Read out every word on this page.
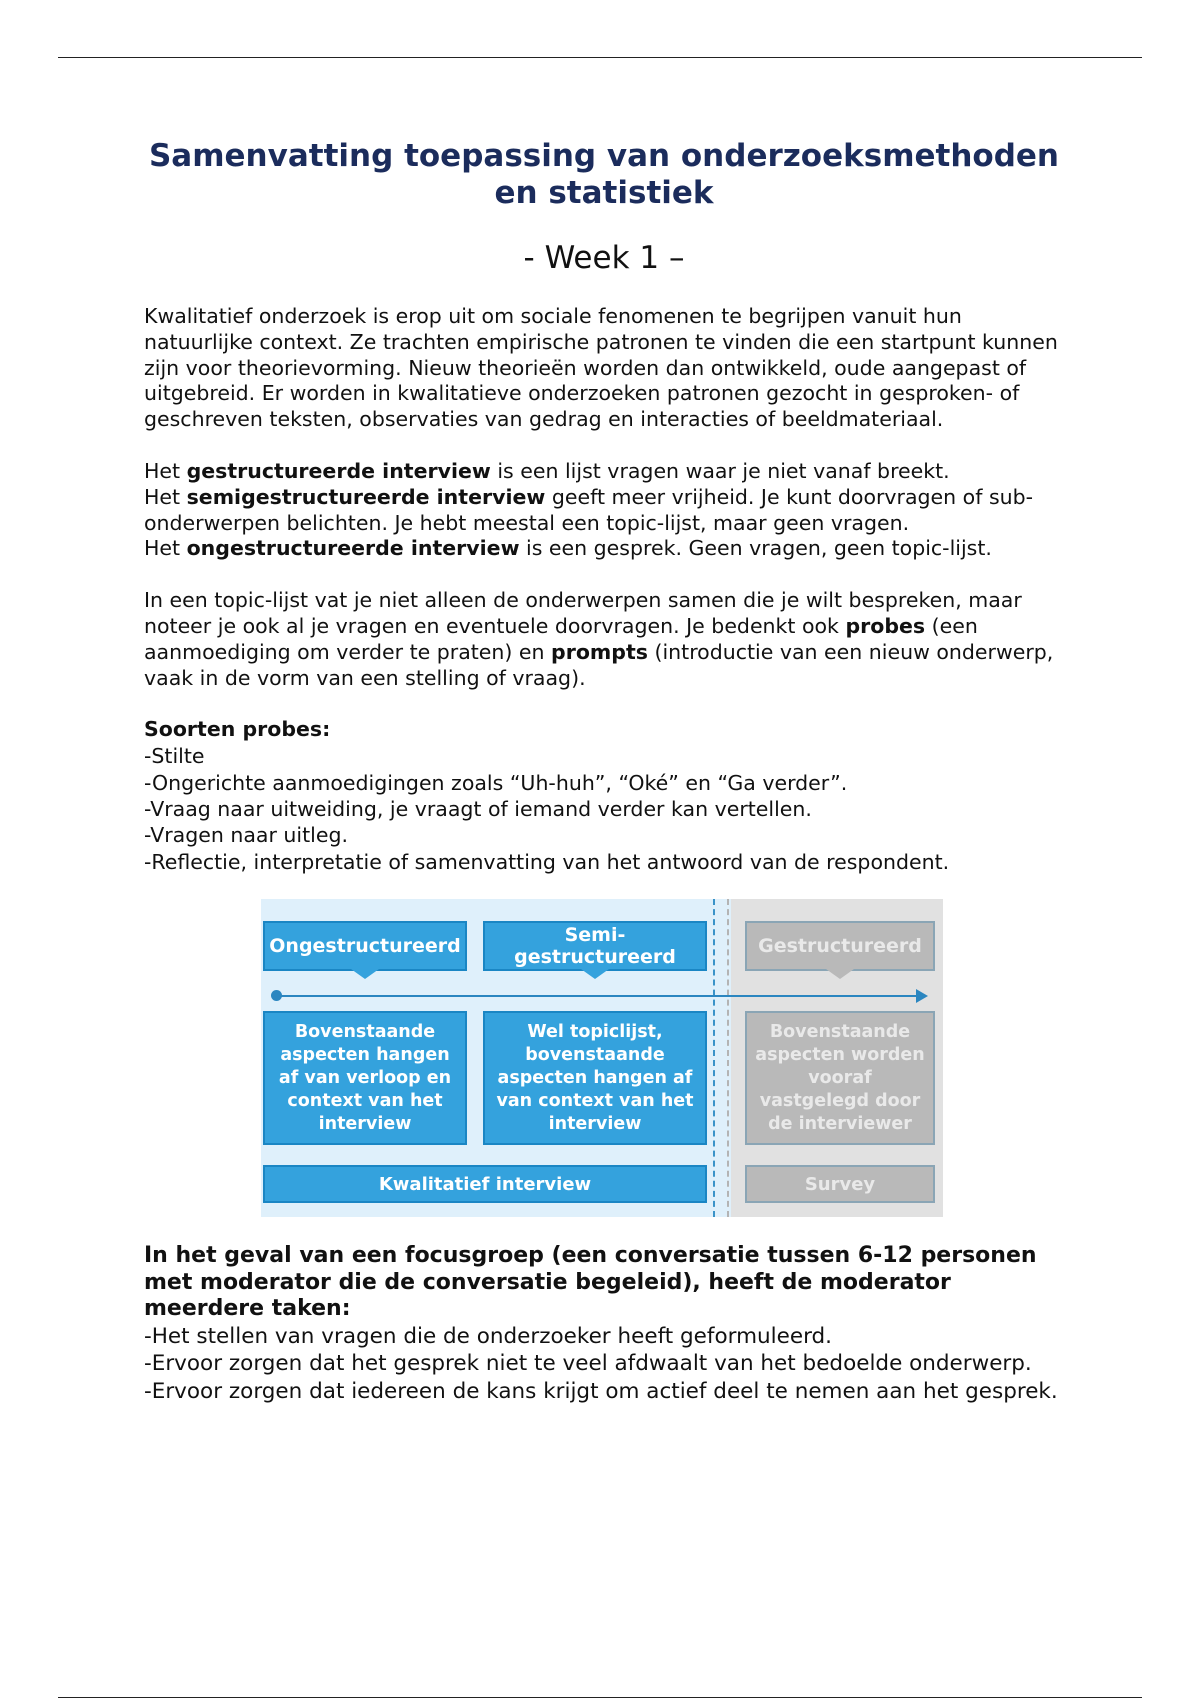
Samenvatting toepassing van onderzoeksmethoden en statistiek
- Week 1 –

Kwalitatief onderzoek is erop uit om sociale fenomenen te begrijpen vanuit hun natuurlijke context. Ze trachten empirische patronen te vinden die een startpunt kunnen zijn voor theorievorming. Nieuw theorieën worden dan ontwikkeld, oude aangepast of uitgebreid. Er worden in kwalitatieve onderzoeken patronen gezocht in gesproken- of geschreven teksten, observaties van gedrag en interacties of beeldmateriaal.

Het gestructureerde interview is een lijst vragen waar je niet vanaf breekt.
Het semigestructureerde interview geeft meer vrijheid. Je kunt doorvragen of sub-onderwerpen belichten. Je hebt meestal een topic-lijst, maar geen vragen.
Het ongestructureerde interview is een gesprek. Geen vragen, geen topic-lijst.

In een topic-lijst vat je niet alleen de onderwerpen samen die je wilt bespreken, maar noteer je ook al je vragen en eventuele doorvragen. Je bedenkt ook probes (een aanmoediging om verder te praten) en prompts (introductie van een nieuw onderwerp, vaak in de vorm van een stelling of vraag).

Soorten probes:
-Stilte
-Ongerichte aanmoedigingen zoals “Uh-huh”, “Oké” en “Ga verder”.
-Vraag naar uitweiding, je vraagt of iemand verder kan vertellen.
-Vragen naar uitleg.
-Reflectie, interpretatie of samenvatting van het antwoord van de respondent.
Ongestructureerd	Semi-gestructureerd	Gestructureerd
Bovenstaande aspecten hangen af van verloop en context van het interview
Wel topiclijst, bovenstaande aspecten hangen af van context van het interview
Bovenstaande aspecten worden vooraf vastgelegd door de interviewer
Kwalitatief interview	Survey
In het geval van een focusgroep (een conversatie tussen 6-12 personen met moderator die de conversatie begeleid), heeft de moderator meerdere taken:
-Het stellen van vragen die de onderzoeker heeft geformuleerd.
-Ervoor zorgen dat het gesprek niet te veel afdwaalt van het bedoelde onderwerp.
-Ervoor zorgen dat iedereen de kans krijgt om actief deel te nemen aan het gesprek.
